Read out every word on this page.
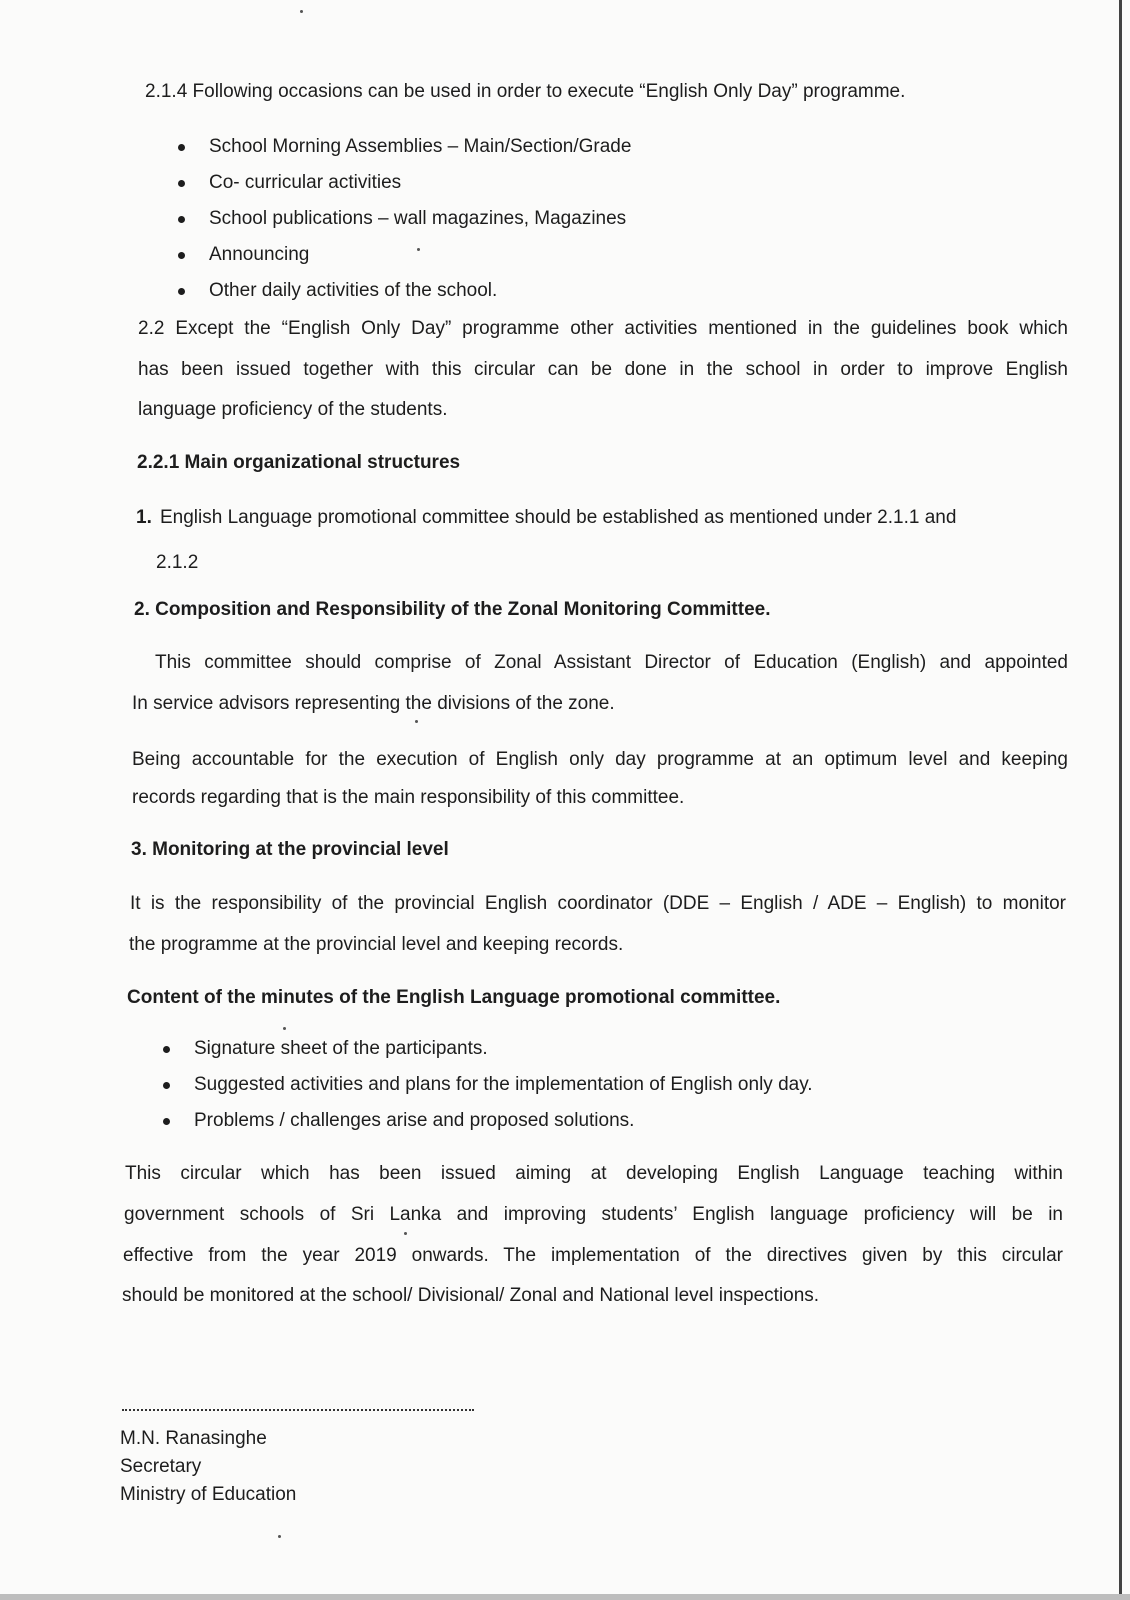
2.1.4 Following occasions can be used in order to execute “English Only Day” programme.
School Morning Assemblies – Main/Section/Grade
Co- curricular activities
School publications – wall magazines, Magazines
Announcing
Other daily activities of the school.
2.2 Except the “English Only Day” programme other activities mentioned in the guidelines book which
has been issued together with this circular can be done in the school in order to improve English
language proficiency of the students.
2.2.1 Main organizational structures
1. English Language promotional committee should be established as mentioned under 2.1.1 and
2.1.2
2. Composition and Responsibility of the Zonal Monitoring Committee.
This committee should comprise of Zonal Assistant Director of Education (English) and appointed
In service advisors representing the divisions of the zone.
Being accountable for the execution of English only day programme at an optimum level and keeping
records regarding that is the main responsibility of this committee.
3. Monitoring at the provincial level
It is the responsibility of the provincial English coordinator (DDE – English / ADE – English) to monitor
the programme at the provincial level and keeping records.
Content of the minutes of the English Language promotional committee.
Signature sheet of the participants.
Suggested activities and plans for the implementation of English only day.
Problems / challenges arise and proposed solutions.
This circular which has been issued aiming at developing English Language teaching within
government schools of Sri Lanka and improving students’ English language proficiency will be in
effective from the year 2019 onwards. The implementation of the directives given by this circular
should be monitored at the school/ Divisional/ Zonal and National level inspections.
M.N. Ranasinghe
Secretary
Ministry of Education
